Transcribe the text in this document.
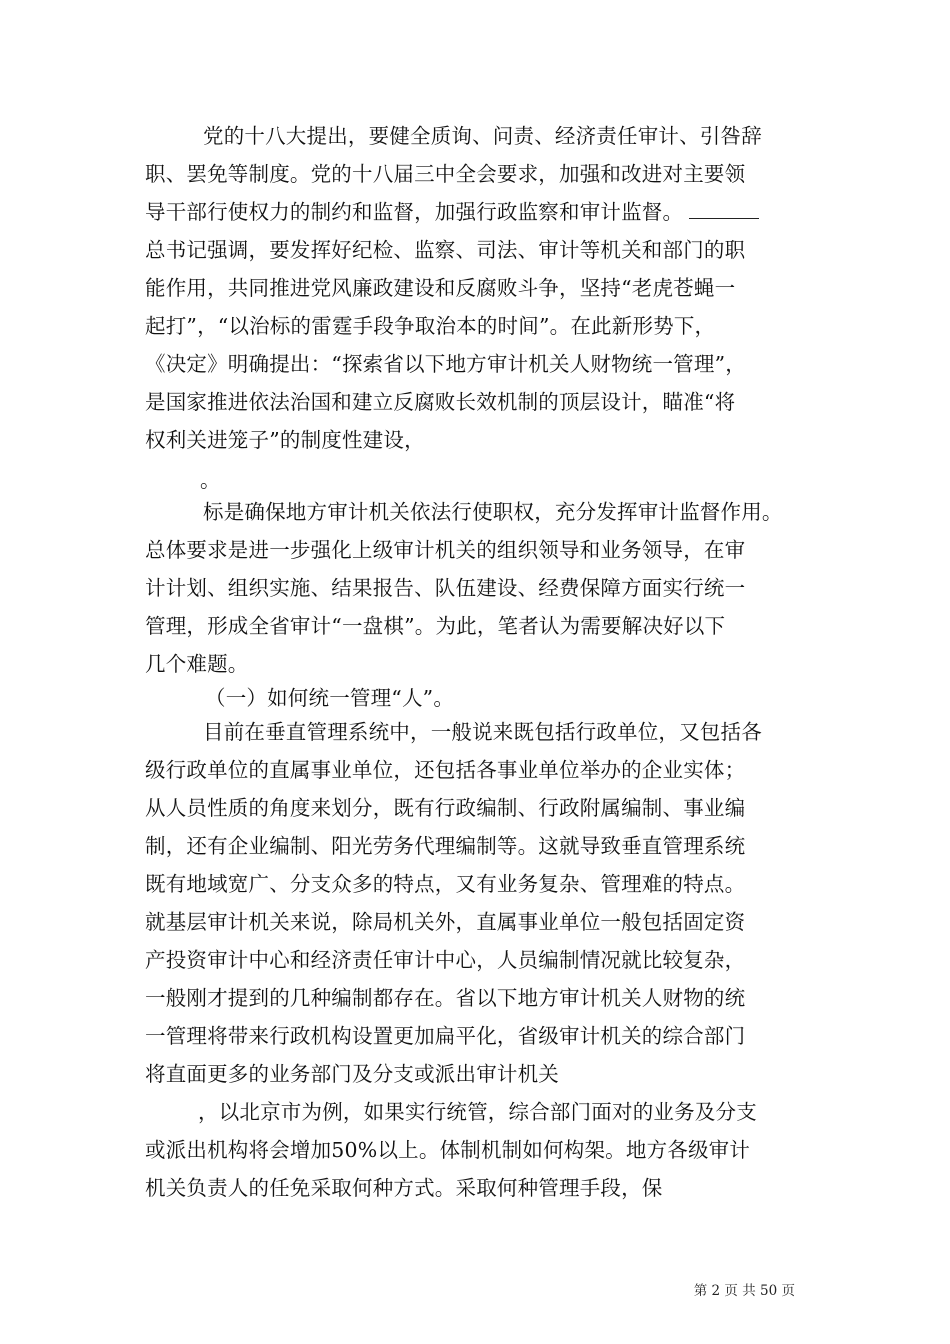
党的十八大提出，要健全质询、问责、经济责任审计、引咎辞
职、罢免等制度。党的十八届三中全会要求，加强和改进对主要领
导干部行使权力的制约和监督，加强行政监察和审计监督。
总书记强调，要发挥好纪检、监察、司法、审计等机关和部门的职
能作用，共同推进党风廉政建设和反腐败斗争，坚持“老虎苍蝇一
起打”，“以治标的雷霆手段争取治本的时间”。在此新形势下，
《决定》明确提出：“探索省以下地方审计机关人财物统一管理”，
是国家推进依法治国和建立反腐败长效机制的顶层设计，瞄准“将
权利关进笼子”的制度性建设，
。
标是确保地方审计机关依法行使职权，充分发挥审计监督作用。
总体要求是进一步强化上级审计机关的组织领导和业务领导，在审
计计划、组织实施、结果报告、队伍建设、经费保障方面实行统一
管理，形成全省审计“一盘棋”。为此，笔者认为需要解决好以下
几个难题。
（一）如何统一管理“人”。
目前在垂直管理系统中，一般说来既包括行政单位，又包括各
级行政单位的直属事业单位，还包括各事业单位举办的企业实体；
从人员性质的角度来划分，既有行政编制、行政附属编制、事业编
制，还有企业编制、阳光劳务代理编制等。这就导致垂直管理系统
既有地域宽广、分支众多的特点，又有业务复杂、管理难的特点。
就基层审计机关来说，除局机关外，直属事业单位一般包括固定资
产投资审计中心和经济责任审计中心，人员编制情况就比较复杂，
一般刚才提到的几种编制都存在。省以下地方审计机关人财物的统
一管理将带来行政机构设置更加扁平化，省级审计机关的综合部门
将直面更多的业务部门及分支或派出审计机关
，以北京市为例，如果实行统管，综合部门面对的业务及分支
或派出机构将会增加50%以上。体制机制如何构架。地方各级审计
机关负责人的任免采取何种方式。采取何种管理手段，保
第 2 页 共 50 页
